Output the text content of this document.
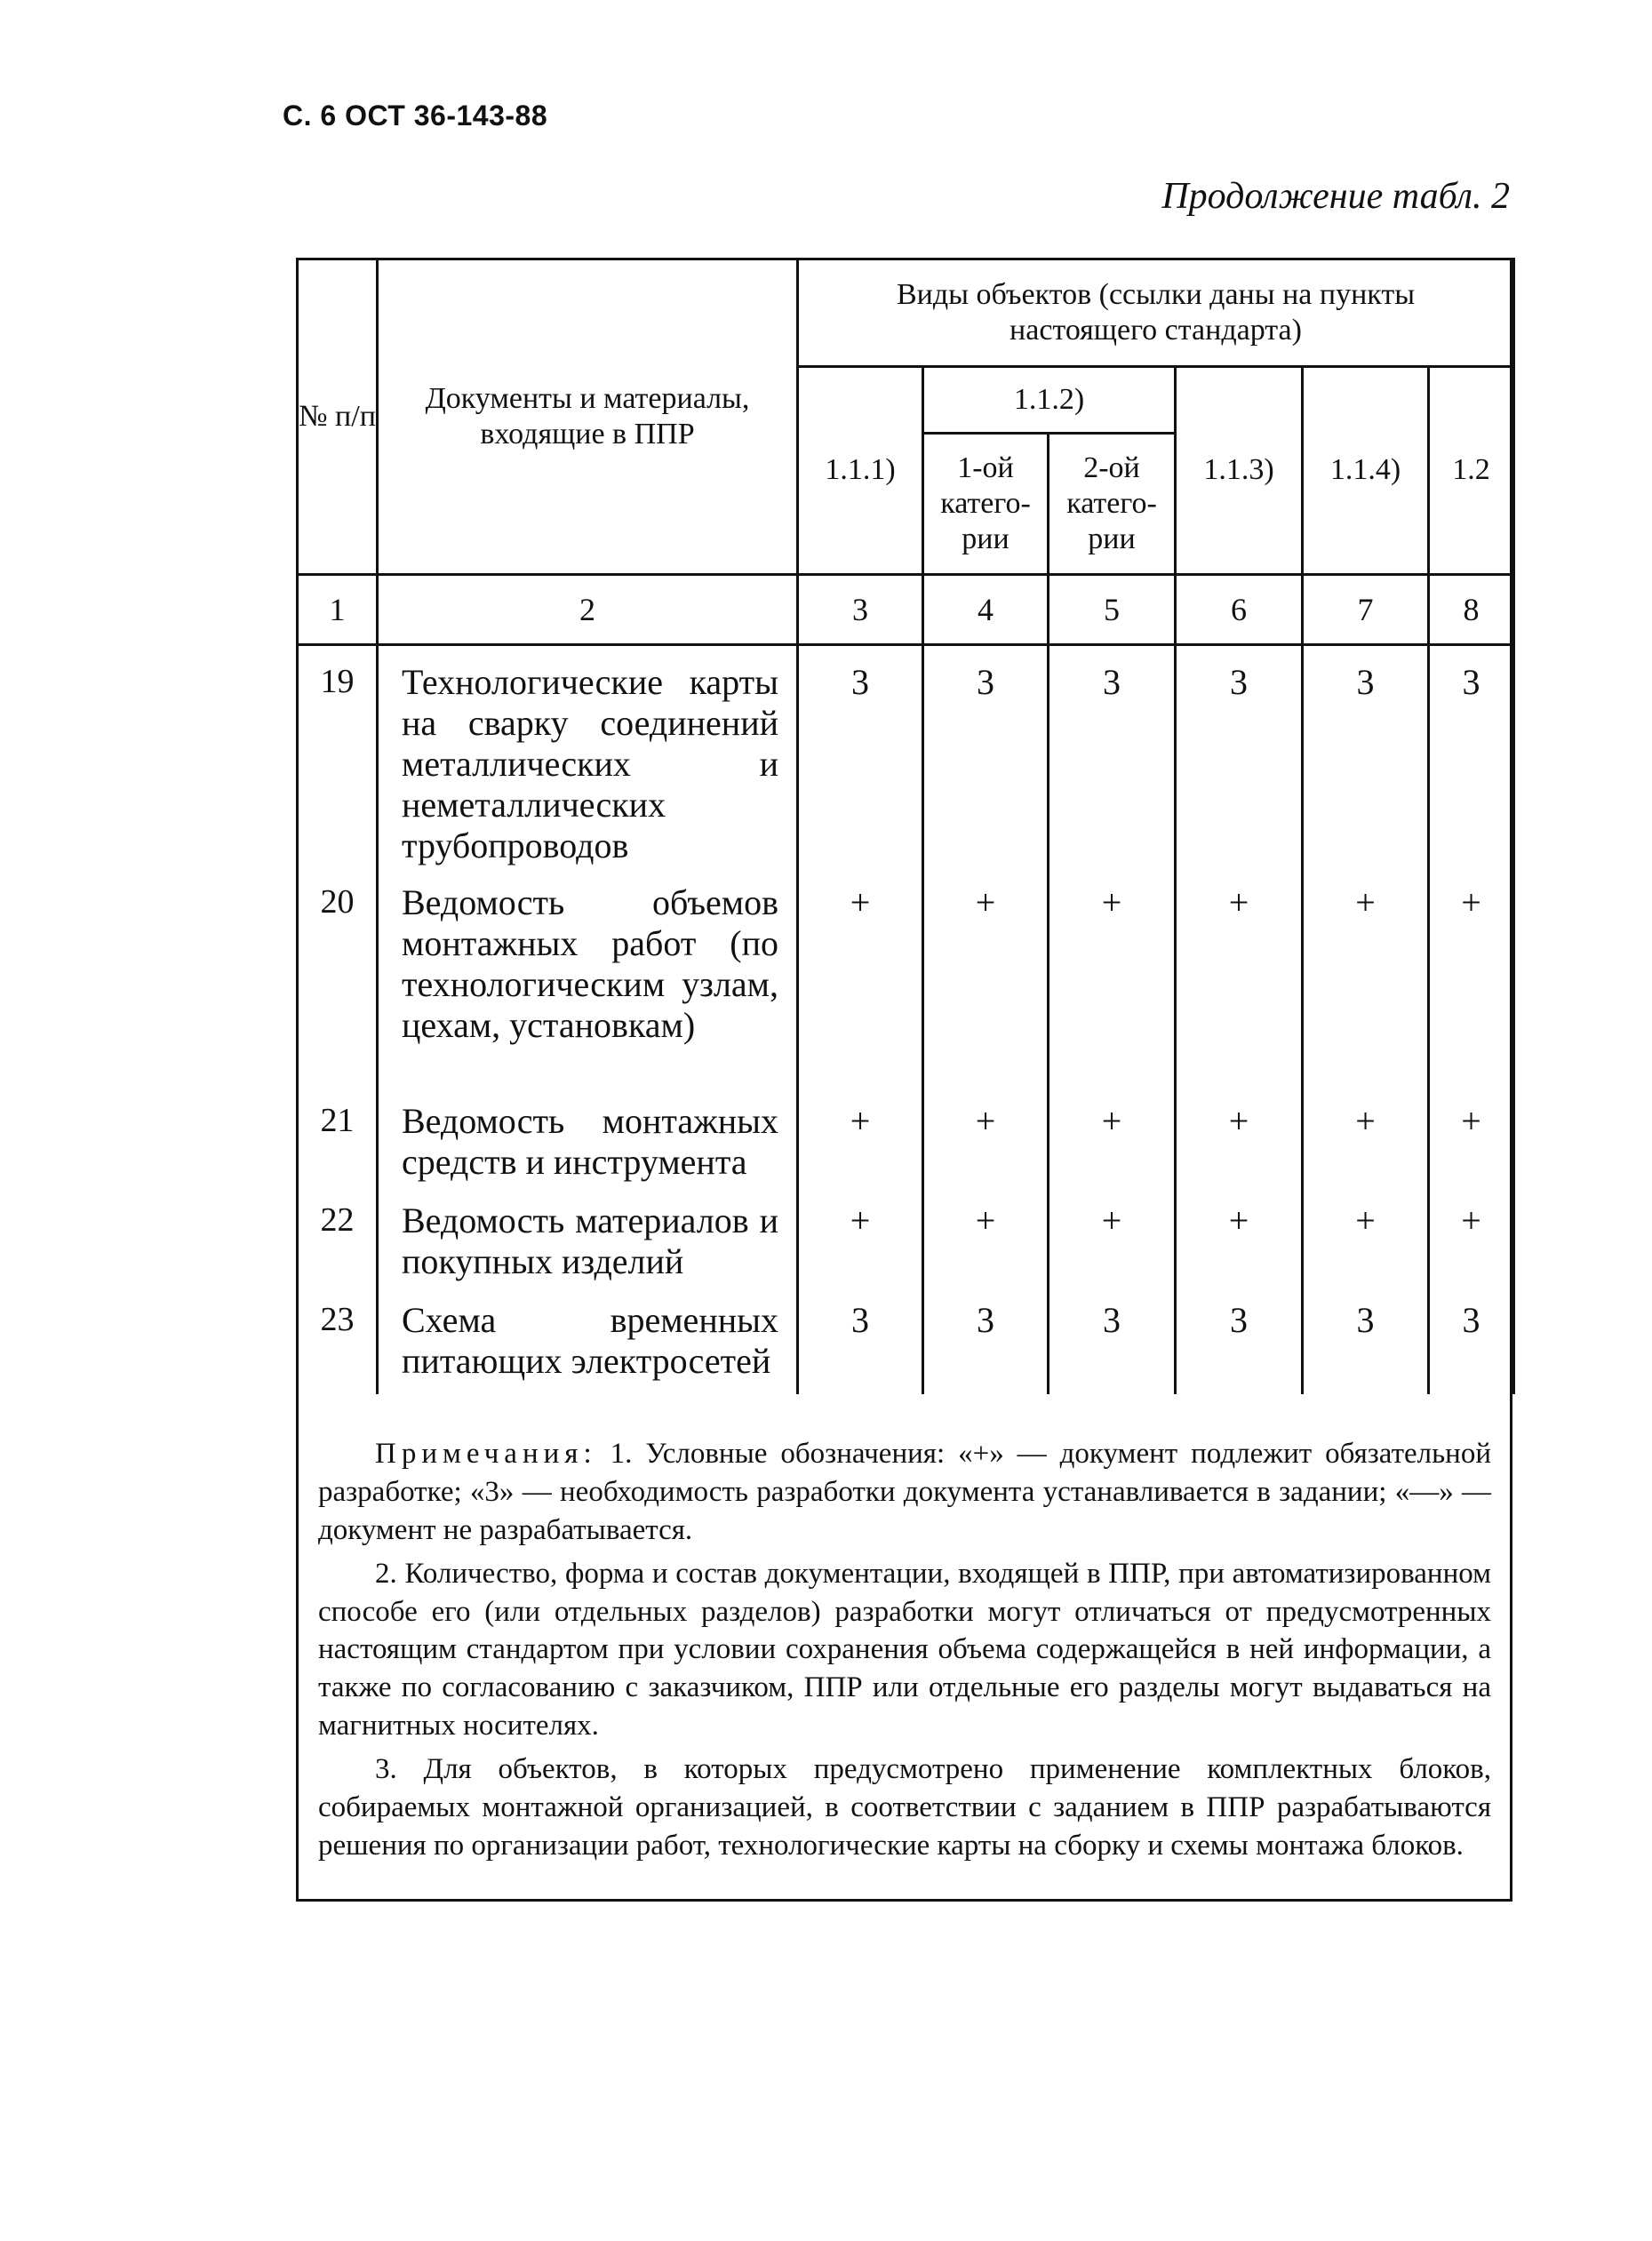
С. 6 ОСТ 36-143-88
Продолжение табл. 2
№ п/п	Документы и материалы, входящие в ППР	Виды объектов (ссылки даны на пункты настоящего стандарта)					
		1.1.1)	1.1.2)		1.1.3)	1.1.4)	1.2
			1-ой катего-рии	2-ой катего-рии			
1	2	3	4	5	6	7	8
19	Технологические карты на сварку соединений металлических и неметаллических трубопроводов	3	3	3	3	3	3
20	Ведомость объемов монтажных работ (по технологическим узлам, цехам, установкам)	+	+	+	+	+	+
21	Ведомость монтажных средств и инструмента	+	+	+	+	+	+
22	Ведомость материалов и покупных изделий	+	+	+	+	+	+
23	Схема временных питающих электросетей	3	3	3	3	3	3

Примечания: 1. Условные обозначения: «+» — документ подлежит обязательной разработке; «3» — необходимость разработки документа устанавливается в задании; «—» — документ не разрабатывается.

2. Количество, форма и состав документации, входящей в ППР, при автоматизированном способе его (или отдельных разделов) разработки могут отличаться от предусмотренных настоящим стандартом при условии сохранения объема содержащейся в ней информации, а также по согласованию с заказчиком, ППР или отдельные его разделы могут выдаваться на магнитных носителях.

3. Для объектов, в которых предусмотрено применение комплектных блоков, собираемых монтажной организацией, в соответствии с заданием в ППР разрабатываются решения по организации работ, технологические карты на сборку и схемы монтажа блоков.
